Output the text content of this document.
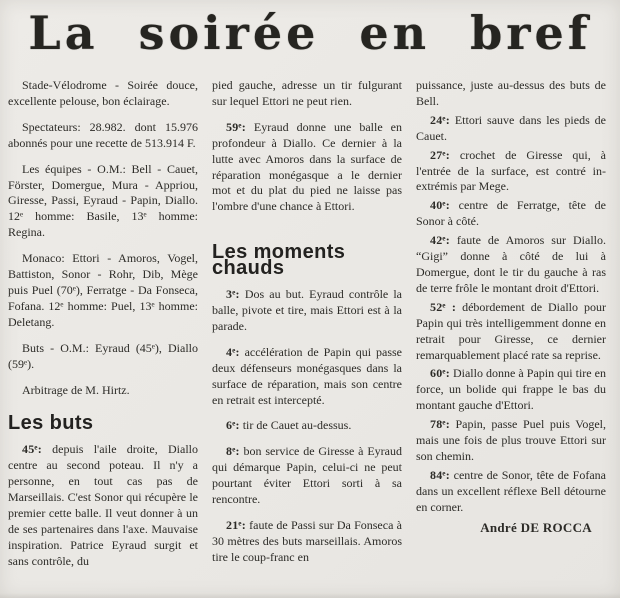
La soirée en bref

Stade-Vélodrome - Soirée douce, excellente pelouse, bon éclairage.

Spectateurs: 28.982. dont 15.976 abonnés pour une recette de 513.914 F.

Les équipes - O.M.: Bell - Cauet, Förster, Domergue, Mura - Appriou, Giresse, Passi, Eyraud - Papin, Diallo. 12ᵉ homme: Basile, 13ᵉ homme: Regina.

Monaco: Ettori - Amoros, Vogel, Battiston, Sonor - Rohr, Dib, Mège puis Puel (70ᵉ), Ferratge - Da Fonseca, Fofana. 12ᵉ homme: Puel, 13ᵉ homme: Deletang.

Buts - O.M.: Eyraud (45ᵉ), Diallo (59ᵉ).

Arbitrage de M. Hirtz.

Les buts

45ᵉ: depuis l'aile droite, Diallo centre au second poteau. Il n'y a personne, en tout cas pas de Marseillais. C'est Sonor qui récupère le premier cette balle. Il veut donner à un de ses partenaires dans l'axe. Mauvaise inspiration. Patrice Eyraud surgit et sans contrôle, du

pied gauche, adresse un tir fulgurant sur lequel Ettori ne peut rien.

59ᵉ: Eyraud donne une balle en profondeur à Diallo. Ce dernier à la lutte avec Amoros dans la surface de réparation monégasque a le dernier mot et du plat du pied ne laisse pas l'ombre d'une chance à Ettori.

Les moments chauds

3ᵉ: Dos au but. Eyraud contrôle la balle, pivote et tire, mais Ettori est à la parade.

4ᵉ: accélération de Papin qui passe deux défenseurs monégasques dans la surface de réparation, mais son centre en retrait est intercepté.

6ᵉ: tir de Cauet au-dessus.

8ᵉ: bon service de Giresse à Eyraud qui démarque Papin, celui-ci ne peut pourtant éviter Ettori sorti à sa rencontre.

21ᵉ: faute de Passi sur Da Fonseca à 30 mètres des buts marseillais. Amoros tire le coup-franc en

puissance, juste au-dessus des buts de Bell.

24ᵉ: Ettori sauve dans les pieds de Cauet.

27ᵉ: crochet de Giresse qui, à l'entrée de la surface, est contré in-extrémis par Mege.

40ᵉ: centre de Ferratge, tête de Sonor à côté.

42ᵉ: faute de Amoros sur Diallo. “Gigi” donne à côté de lui à Domergue, dont le tir du gauche à ras de terre frôle le montant droit d'Ettori.

52ᵉ : débordement de Diallo pour Papin qui très intelligemment donne en retrait pour Giresse, ce dernier remarquablement placé rate sa reprise.

60ᵉ: Diallo donne à Papin qui tire en force, un bolide qui frappe le bas du montant gauche d'Ettori.

78ᵉ: Papin, passe Puel puis Vogel, mais une fois de plus trouve Ettori sur son chemin.

84ᵉ: centre de Sonor, tête de Fofana dans un excellent réflexe Bell détourne en corner.

André DE ROCCA
